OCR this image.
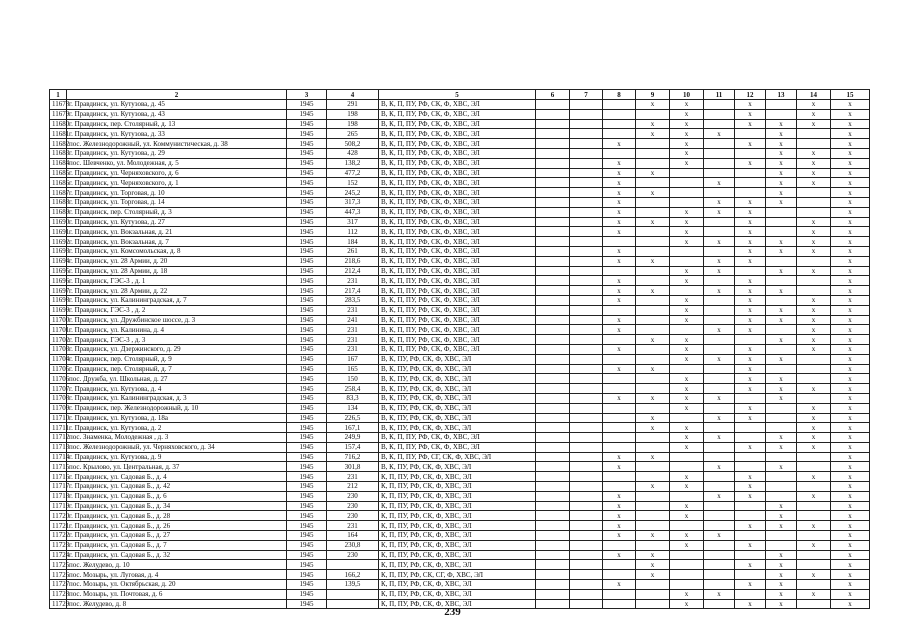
1	2	3	4	5	6	7	8	9	10	11	12	13	14	15
11678	г. Правдинск, ул. Кутузова, д. 45	1945	291	В, К, П, ПУ, РФ, СК, Ф, ХВС, ЭЛ				x	x		x		x	x
11679	г. Правдинск, ул. Кутузова, д. 43	1945	198	В, К, П, ПУ, РФ, СК, Ф, ХВС, ЭЛ					x		x		x	x
11680	г. Правдинск, пер. Столярный, д. 13	1945	198	В, К, П, ПУ, РФ, СК, Ф, ХВС, ЭЛ				x	x		x	x	x	x
11681	г. Правдинск, ул. Кутузова, д. 33	1945	265	В, К, П, ПУ, РФ, СК, Ф, ХВС, ЭЛ				x	x	x		x		x
11682	пос. Железнодорожный, ул. Коммунистическая, д. 38	1945	508,2	В, К, П, ПУ, РФ, СК, Ф, ХВС, ЭЛ			x		x		x	x		x
11683	г. Правдинск, ул. Кутузова, д. 29	1945	428	В, К, П, ПУ, РФ, СК, Ф, ХВС, ЭЛ					x			x	x	x
11684	пос. Шевченко, ул. Молодежная, д. 5	1945	138,2	В, К, П, ПУ, РФ, СК, Ф, ХВС, ЭЛ			x		x		x	x	x	x
11685	г. Правдинск, ул. Черняховского, д. 6	1945	477,2	В, К, П, ПУ, РФ, СК, Ф, ХВС, ЭЛ			x	x				x	x	x
11686	г. Правдинск, ул. Черняховского, д. 1	1945	152	В, К, П, ПУ, РФ, СК, Ф, ХВС, ЭЛ			x			x		x	x	x
11687	г. Правдинск, ул. Торговая, д. 10	1945	245,2	В, К, П, ПУ, РФ, СК, Ф, ХВС, ЭЛ			x	x				x		x
11688	г. Правдинск, ул. Торговая, д. 14	1945	317,3	В, К, П, ПУ, РФ, СК, Ф, ХВС, ЭЛ			x			x	x	x		x
11689	г. Правдинск, пер. Столярный, д. 3	1945	447,3	В, К, П, ПУ, РФ, СК, Ф, ХВС, ЭЛ			x		x	x	x			x
11690	г. Правдинск, ул. Кутузова, д. 27	1945	317	В, К, П, ПУ, РФ, СК, Ф, ХВС, ЭЛ			x	x	x		x		x	x
11691	г. Правдинск, ул. Вокзальная, д. 21	1945	112	В, К, П, ПУ, РФ, СК, Ф, ХВС, ЭЛ			x		x		x		x	x
11692	г. Правдинск, ул. Вокзальная, д. 7	1945	184	В, К, П, ПУ, РФ, СК, Ф, ХВС, ЭЛ					x	x	x	x	x	x
11693	г. Правдинск, ул. Комсомольская, д. 8	1945	261	В, К, П, ПУ, РФ, СК, Ф, ХВС, ЭЛ			x				x	x	x	x
11694	г. Правдинск, ул. 28 Армии, д. 20	1945	218,6	В, К, П, ПУ, РФ, СК, Ф, ХВС, ЭЛ			x	x		x	x			x
11695	г. Правдинск, ул. 28 Армии, д. 18	1945	212,4	В, К, П, ПУ, РФ, СК, Ф, ХВС, ЭЛ					x	x		x	x	x
11696	г. Правдинск, ГЭС-3 , д. 1	1945	231	В, К, П, ПУ, РФ, СК, Ф, ХВС, ЭЛ			x		x		x			x
11697	г. Правдинск, ул. 28 Армии, д. 22	1945	217,4	В, К, П, ПУ, РФ, СК, Ф, ХВС, ЭЛ			x	x		x	x	x		x
11698	г. Правдинск, ул. Калининградская, д. 7	1945	283,5	В, К, П, ПУ, РФ, СК, Ф, ХВС, ЭЛ			x		x		x		x	x
11699	г. Правдинск, ГЭС-3 , д. 2	1945	231	В, К, П, ПУ, РФ, СК, Ф, ХВС, ЭЛ					x		x	x	x	x
11700	г. Правдинск, ул. Дружбинское шоссе, д. 3	1945	241	В, К, П, ПУ, РФ, СК, Ф, ХВС, ЭЛ			x		x		x	x	x	x
11701	г. Правдинск, ул. Калинина, д. 4	1945	231	В, К, П, ПУ, РФ, СК, Ф, ХВС, ЭЛ			x			x	x		x	x
11702	г. Правдинск, ГЭС-3 , д. 3	1945	231	В, К, П, ПУ, РФ, СК, Ф, ХВС, ЭЛ				x	x			x	x	x
11703	г. Правдинск, ул. Дзержинского, д. 29	1945	231	В, К, П, ПУ, РФ, СК, Ф, ХВС, ЭЛ			x		x		x		x	x
11704	г. Правдинск, пер. Столярный, д. 9	1945	167	В, К, ПУ, РФ, СК, Ф, ХВС, ЭЛ					x	x	x	x		x
11705	г. Правдинск, пер. Столярный, д. 7	1945	165	В, К, ПУ, РФ, СК, Ф, ХВС, ЭЛ			x	x			x			x
11706	пос. Дружба, ул. Школьная, д. 27	1945	150	В, К, ПУ, РФ, СК, Ф, ХВС, ЭЛ					x		x	x		x
11707	г. Правдинск, ул. Кутузова, д. 4	1945	258,4	В, К, ПУ, РФ, СК, Ф, ХВС, ЭЛ					x		x	x	x	x
11708	г. Правдинск, ул. Калининградская, д. 3	1945	83,3	В, К, ПУ, РФ, СК, Ф, ХВС, ЭЛ			x	x	x	x		x		x
11709	г. Правдинск, пер. Железнодорожный, д. 10	1945	134	В, К, ПУ, РФ, СК, Ф, ХВС, ЭЛ					x		x		x	x
11710	г. Правдинск, ул. Кутузова, д. 18а	1945	226,5	В, К, ПУ, РФ, СК, Ф, ХВС, ЭЛ				x		x	x		x	x
11711	г. Правдинск, ул. Кутузова, д. 2	1945	167,1	В, К, ПУ, РФ, СК, Ф, ХВС, ЭЛ				x	x				x	x
11712	пос. Знаменка, Молодежная , д. 3	1945	249,9	В, К, П, ПУ, РФ, СК, Ф, ХВС, ЭЛ					x	x		x	x	x
11713	пос. Железнодорожный, ул. Черняховского, д. 34	1945	157,4	В, К, П, ПУ, РФ, СК, Ф, ХВС, ЭЛ					x		x	x	x	x
11714	г. Правдинск, ул. Кутузова, д. 9	1945	716,2	В, К, П, ПУ, РФ, СГ, СК, Ф, ХВС, ЭЛ			x	x						x
11715	пос. Крылово, ул. Центральная, д. 37	1945	301,8	В, К, ПУ, РФ, СК, Ф, ХВС, ЭЛ			x			x		x		x
11716	г. Правдинск, ул. Садовая Б., д. 4	1945	231	К, П, ПУ, РФ, СК, Ф, ХВС, ЭЛ					x		x		x	x
11717	г. Правдинск, ул. Садовая Б., д. 42	1945	212	К, П, ПУ, РФ, СК, Ф, ХВС, ЭЛ				x	x		x			x
11718	г. Правдинск, ул. Садовая Б., д. 6	1945	230	К, П, ПУ, РФ, СК, Ф, ХВС, ЭЛ			x			x	x		x	x
11719	г. Правдинск, ул. Садовая Б., д. 34	1945	230	К, П, ПУ, РФ, СК, Ф, ХВС, ЭЛ			x		x			x		x
11720	г. Правдинск, ул. Садовая Б., д. 28	1945	230	К, П, ПУ, РФ, СК, Ф, ХВС, ЭЛ			x		x			x		x
11721	г. Правдинск, ул. Садовая Б., д. 26	1945	231	К, П, ПУ, РФ, СК, Ф, ХВС, ЭЛ			x				x	x	x	x
11722	г. Правдинск, ул. Садовая Б., д. 27	1945	164	К, П, ПУ, РФ, СК, Ф, ХВС, ЭЛ			x	x	x	x				x
11723	г. Правдинск, ул. Садовая Б., д. 7	1945	230,8	К, П, ПУ, РФ, СК, Ф, ХВС, ЭЛ					x		x		x	x
11724	г. Правдинск, ул. Садовая Б., д. 32	1945	230	К, П, ПУ, РФ, СК, Ф, ХВС, ЭЛ			x	x				x		x
11725	пос. Желудево, д. 10	1945		К, П, ПУ, РФ, СК, Ф, ХВС, ЭЛ				x			x	x		x
11726	пос. Мозырь, ул. Луговая, д. 4	1945	166,2	К, П, ПУ, РФ, СК, СГ, Ф, ХВС, ЭЛ				x				x	x	x
11727	пос. Мозырь, ул. Октябрьская, д. 20	1945	139,5	К, П, ПУ, РФ, СК, Ф, ХВС, ЭЛ			x				x	x		x
11728	пос. Мозырь, ул. Почтовая, д. 6	1945		К, П, ПУ, РФ, СК, Ф, ХВС, ЭЛ					x	x		x	x	x
11729	пос. Желудево, д. 8	1945		К, П, ПУ, РФ, СК, Ф, ХВС, ЭЛ					x		x	x		x
239
